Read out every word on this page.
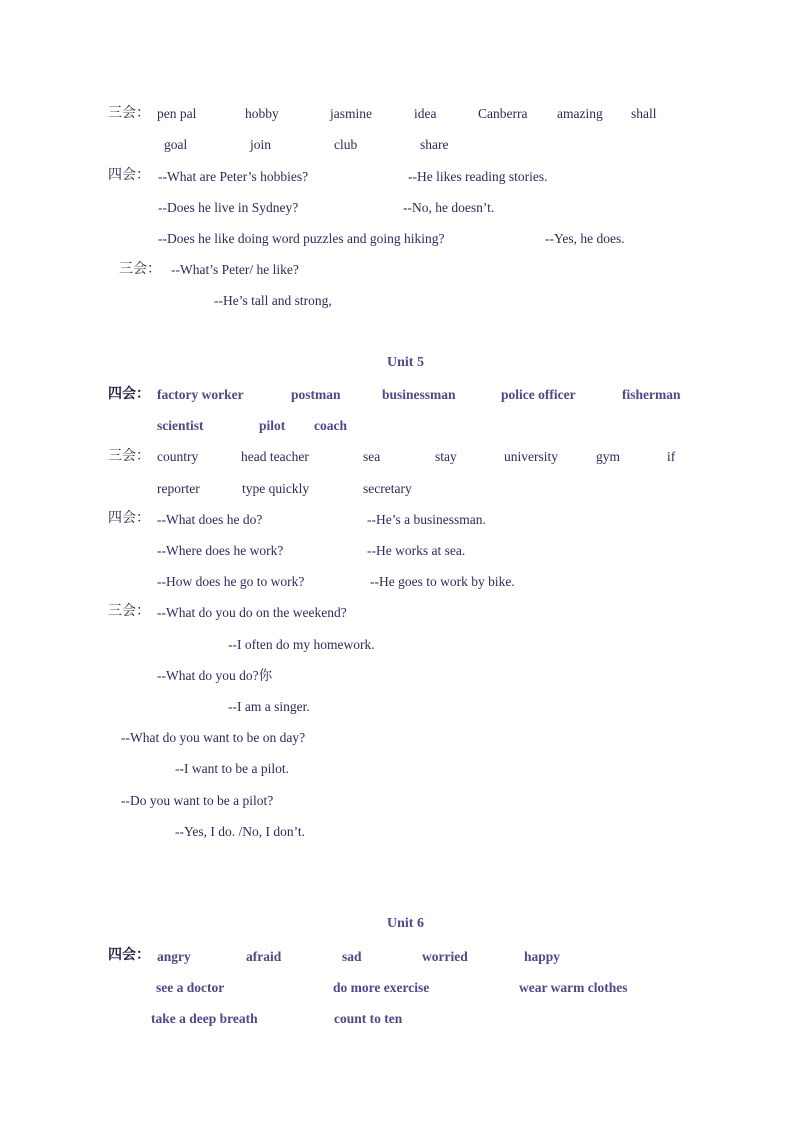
三会： pen pal	hobby	jasmine	idea	Canberra amazing shall
goal	join	club	share
四会： --What are Peter’s hobbies?	--He likes reading stories.
--Does he live in Sydney?	--No, he doesn’t.
--Does he like doing word puzzles and going hiking?	--Yes, he does.
三会： --What’s Peter/ he like?
--He’s tall and strong,
Unit 5
四会： factory worker	postman	businessman	police officer	fisherman
scientist	pilot coach
三会： country	head teacher	sea	stay	university	gym	if
reporter	type quickly	secretary
四会： --What does he do?	--He’s a businessman.
--Where does he work?	--He works at sea.
--How does he go to work?	--He goes to work by bike.
三会： --What do you do on the weekend?
--I often do my homework.
--What do you do?你
--I am a singer.
--What do you want to be on day?
--I want to be a pilot.
--Do you want to be a pilot?
--Yes, I do. /No, I don’t.
Unit 6
四会： angry	afraid	sad	worried	happy
see a doctor	do more exercise	wear warm clothes
take a deep breath	count to ten
